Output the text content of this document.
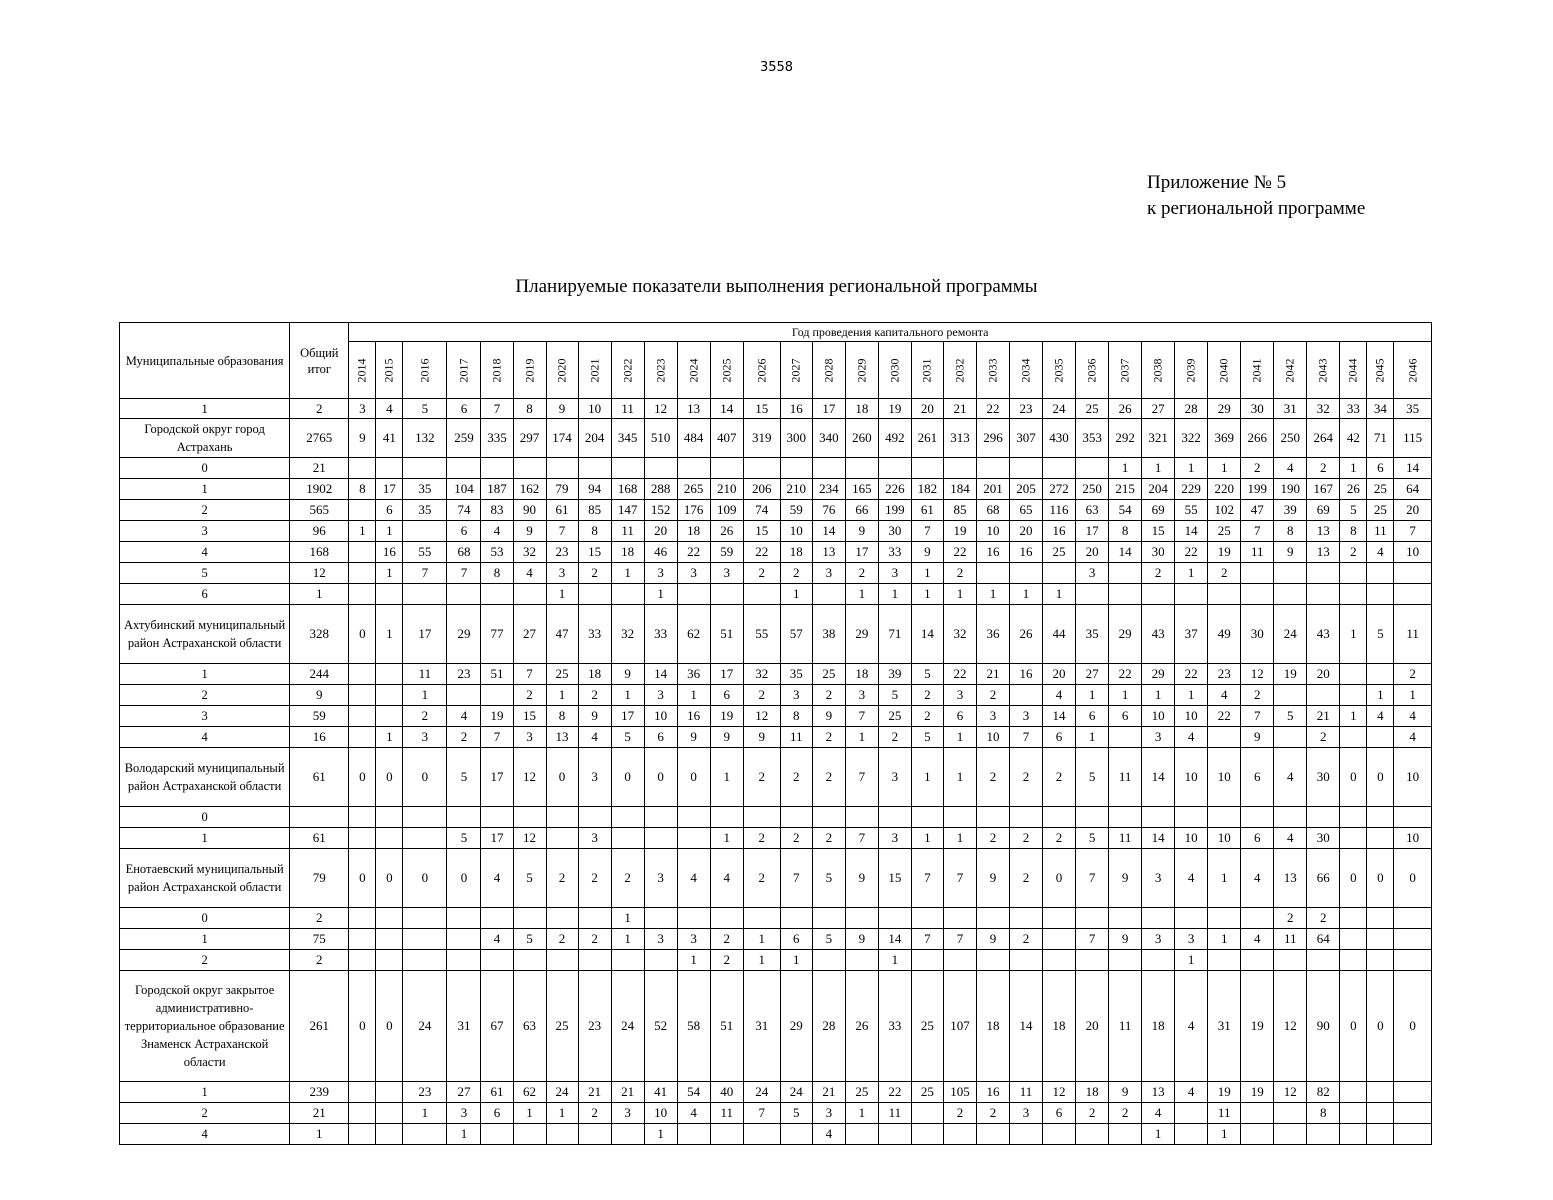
3558
Приложение № 5
к региональной программе
Планируемые показатели выполнения региональной программы
Муниципальные образования	Общий итог	Год проведения капитального ремонта																																
		2014	2015	2016	2017	2018	2019	2020	2021	2022	2023	2024	2025	2026	2027	2028	2029	2030	2031	2032	2033	2034	2035	2036	2037	2038	2039	2040	2041	2042	2043	2044	2045	2046
1	2	3	4	5	6	7	8	9	10	11	12	13	14	15	16	17	18	19	20	21	22	23	24	25	26	27	28	29	30	31	32	33	34	35
Городской округ город Астрахань	2765	9	41	132	259	335	297	174	204	345	510	484	407	319	300	340	260	492	261	313	296	307	430	353	292	321	322	369	266	250	264	42	71	115
0	21																								1	1	1	1	2	4	2	1	6	14
1	1902	8	17	35	104	187	162	79	94	168	288	265	210	206	210	234	165	226	182	184	201	205	272	250	215	204	229	220	199	190	167	26	25	64
2	565		6	35	74	83	90	61	85	147	152	176	109	74	59	76	66	199	61	85	68	65	116	63	54	69	55	102	47	39	69	5	25	20
3	96	1	1		6	4	9	7	8	11	20	18	26	15	10	14	9	30	7	19	10	20	16	17	8	15	14	25	7	8	13	8	11	7
4	168		16	55	68	53	32	23	15	18	46	22	59	22	18	13	17	33	9	22	16	16	25	20	14	30	22	19	11	9	13	2	4	10
5	12		1	7	7	8	4	3	2	1	3	3	3	2	2	3	2	3	1	2				3		2	1	2						
6	1							1			1				1		1	1	1	1	1	1	1											
Ахтубинский муниципальный район Астраханской области	328	0	1	17	29	77	27	47	33	32	33	62	51	55	57	38	29	71	14	32	36	26	44	35	29	43	37	49	30	24	43	1	5	11
1	244			11	23	51	7	25	18	9	14	36	17	32	35	25	18	39	5	22	21	16	20	27	22	29	22	23	12	19	20			2
2	9			1			2	1	2	1	3	1	6	2	3	2	3	5	2	3	2		4	1	1	1	1	4	2				1	1
3	59			2	4	19	15	8	9	17	10	16	19	12	8	9	7	25	2	6	3	3	14	6	6	10	10	22	7	5	21	1	4	4
4	16		1	3	2	7	3	13	4	5	6	9	9	9	11	2	1	2	5	1	10	7	6	1		3	4		9		2			4
Володарский муниципальный район Астраханской области	61	0	0	0	5	17	12	0	3	0	0	0	1	2	2	2	7	3	1	1	2	2	2	5	11	14	10	10	6	4	30	0	0	10
0																																		
1	61				5	17	12		3				1	2	2	2	7	3	1	1	2	2	2	5	11	14	10	10	6	4	30			10
Енотаевский муниципальный район Астраханской области	79	0	0	0	0	4	5	2	2	2	3	4	4	2	7	5	9	15	7	7	9	2	0	7	9	3	4	1	4	13	66	0	0	0
0	2									1																				2	2			
1	75					4	5	2	2	1	3	3	2	1	6	5	9	14	7	7	9	2		7	9	3	3	1	4	11	64			
2	2											1	2	1	1			1									1							
Городской округ закрытое административно-территориальное образование Знаменск Астраханской области	261	0	0	24	31	67	63	25	23	24	52	58	51	31	29	28	26	33	25	107	18	14	18	20	11	18	4	31	19	12	90	0	0	0
1	239			23	27	61	62	24	21	21	41	54	40	24	24	21	25	22	25	105	16	11	12	18	9	13	4	19	19	12	82			
2	21			1	3	6	1	1	2	3	10	4	11	7	5	3	1	11		2	2	3	6	2	2	4		11			8			
4	1				1						1					4										1		1						
